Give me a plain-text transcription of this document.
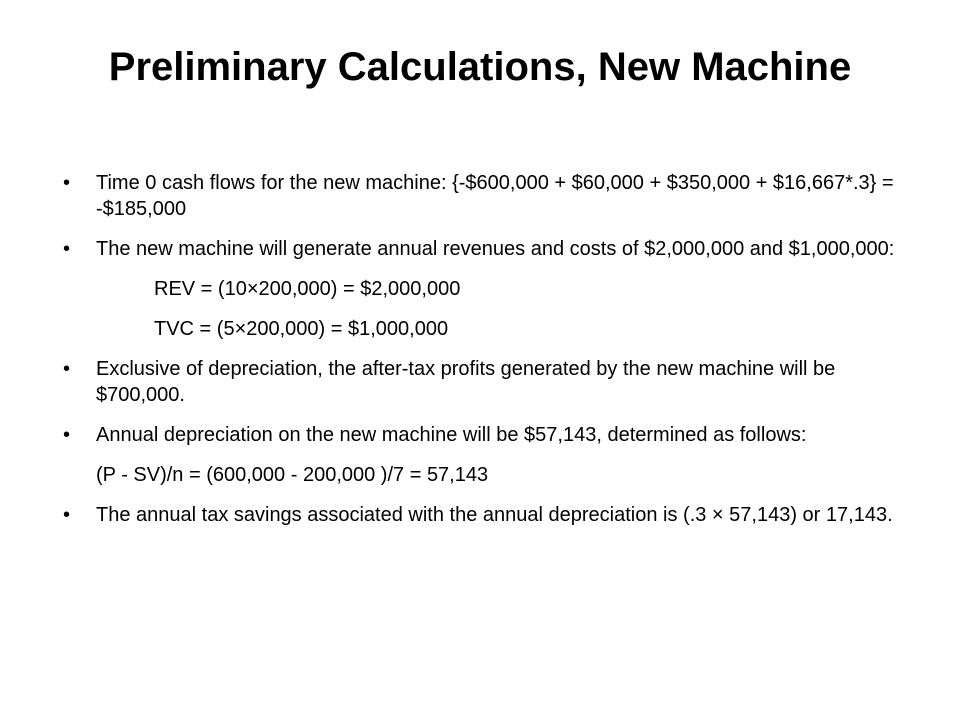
Preliminary Calculations, New Machine
• Time 0 cash flows for the new machine: {-$600,000 + $60,000 + $350,000 + $16,667*.3} = -$185,000
• The new machine will generate annual revenues and costs of $2,000,000 and $1,000,000:
REV = (10×200,000) = $2,000,000
TVC = (5×200,000) = $1,000,000
• Exclusive of depreciation, the after-tax profits generated by the new machine will be $700,000.
• Annual depreciation on the new machine will be $57,143, determined as follows:
(P - SV)/n = (600,000 - 200,000 )/7 = 57,143
• The annual tax savings associated with the annual depreciation is (.3 × 57,143) or 17,143.
